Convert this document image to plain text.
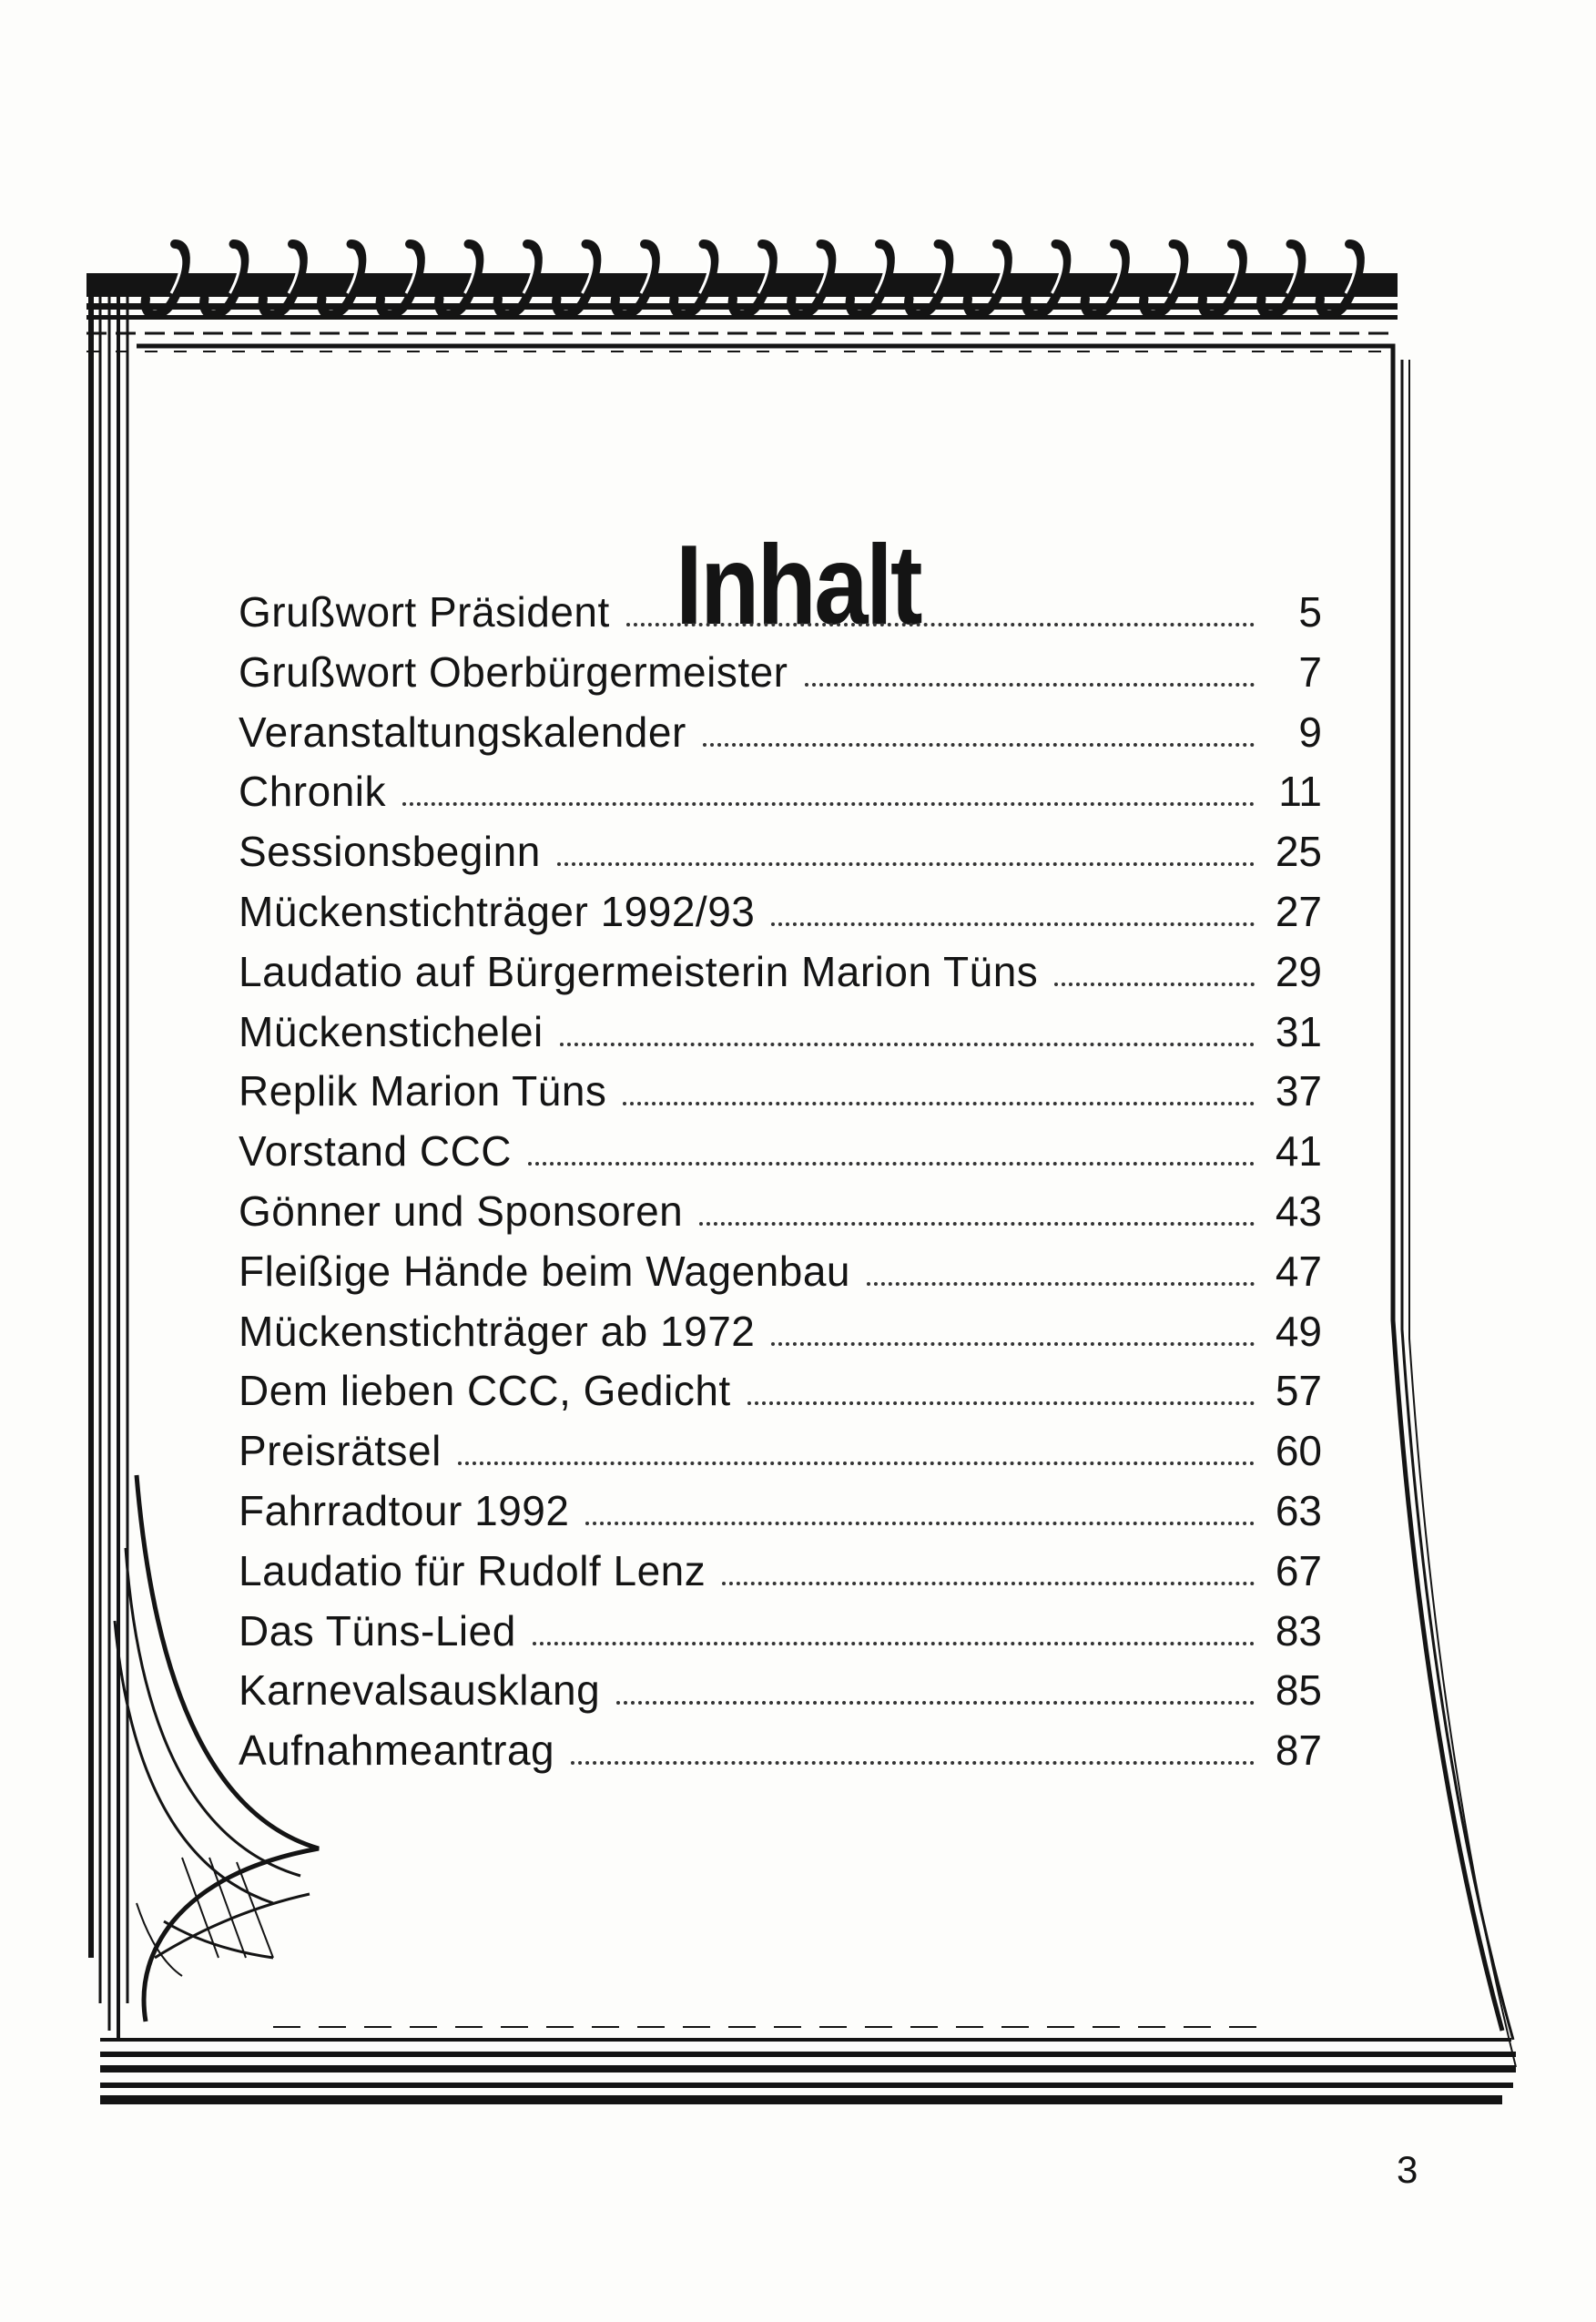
Inhalt
Grußwort Präsident	5
Grußwort Oberbürgermeister	7
Veranstaltungskalender	9
Chronik	11
Sessionsbeginn	25
Mückenstichträger 1992/93	27
Laudatio auf Bürgermeisterin Marion Tüns	29
Mückenstichelei	31
Replik Marion Tüns	37
Vorstand CCC	41
Gönner und Sponsoren	43
Fleißige Hände beim Wagenbau	47
Mückenstichträger ab 1972	49
Dem lieben CCC, Gedicht	57
Preisrätsel	60
Fahrradtour 1992	63
Laudatio für Rudolf Lenz	67
Das Tüns-Lied	83
Karnevalsausklang	85
Aufnahmeantrag	87
3
